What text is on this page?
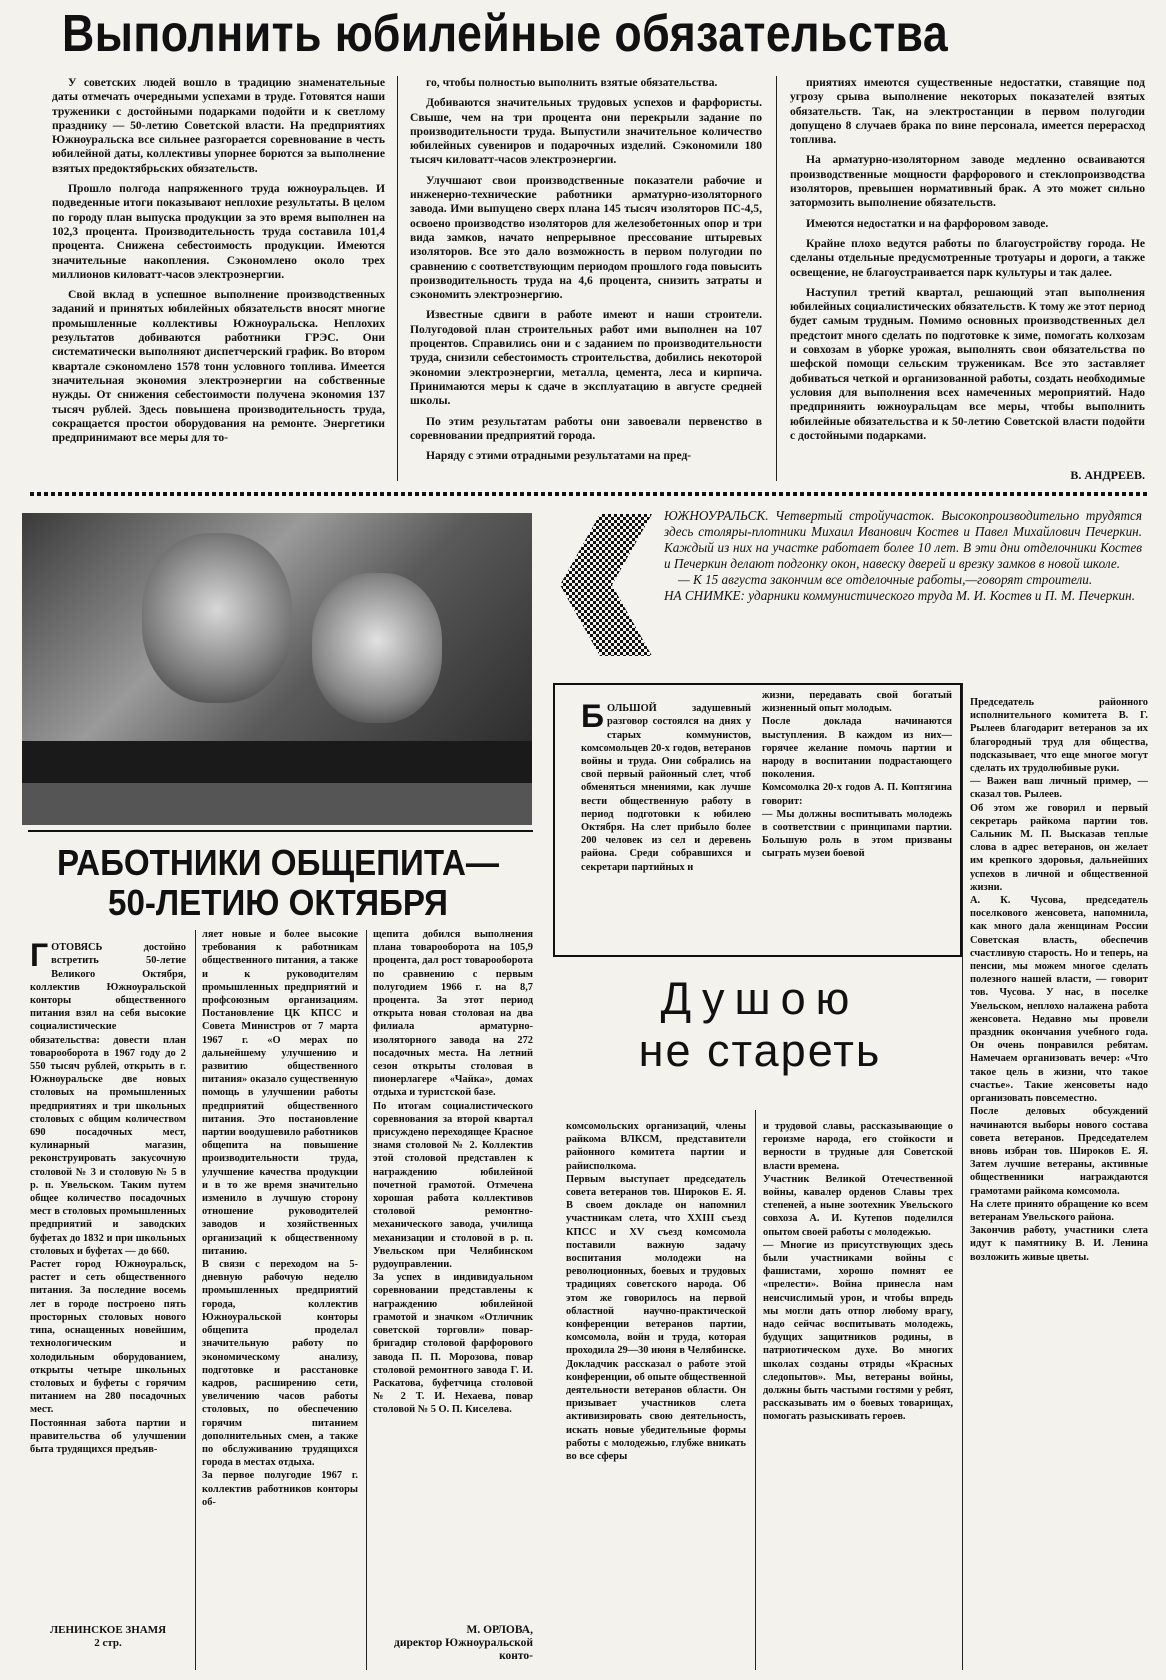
Выполнить юбилейные обязательства

У советских людей вошло в традицию знаменательные даты отмечать очередными успехами в труде. Готовятся наши труженики с достойными подарками подойти и к светлому празднику — 50-летию Советской власти. На предприятиях Южноуральска все сильнее разгорается соревнование в честь юбилейной даты, коллективы упорнее борются за выполнение взятых предоктябрьских обязательств.

Прошло полгода напряженного труда южноуральцев. И подведенные итоги показывают неплохие результаты. В целом по городу план выпуска продукции за это время выполнен на 102,3 процента. Производительность труда составила 101,4 процента. Снижена себестоимость продукции. Имеются значительные накопления. Сэкономлено около трех миллионов киловатт-часов электроэнергии.

Свой вклад в успешное выполнение производственных заданий и принятых юбилейных обязательств вносят многие промышленные коллективы Южноуральска. Неплохих результатов добиваются работники ГРЭС. Они систематически выполняют диспетчерский график. Во втором квартале сэкономлено 1578 тонн условного топлива. Имеется значительная экономия электроэнергии на собственные нужды. От снижения себестоимости получена экономия 137 тысяч рублей. Здесь повышена производительность труда, сокращается простои оборудования на ремонте. Энергетики предпринимают все меры для то-

го, чтобы полностью выполнить взятые обязательства.

Добиваются значительных трудовых успехов и фарфористы. Свыше, чем на три процента они перекрыли задание по производительности труда. Выпустили значительное количество юбилейных сувениров и подарочных изделий. Сэкономили 180 тысяч киловатт-часов электроэнергии.

Улучшают свои производственные показатели рабочие и инженерно-технические работники арматурно-изоляторного завода. Ими выпущено сверх плана 145 тысяч изоляторов ПС-4,5, освоено производство изоляторов для железобетонных опор и три вида замков, начато непрерывное прессование штыревых изоляторов. Все это дало возможность в первом полугодии по сравнению с соответствующим периодом прошлого года повысить производительность труда на 4,6 процента, снизить затраты и сэкономить электроэнергию.

Известные сдвиги в работе имеют и наши строители. Полугодовой план строительных работ ими выполнен на 107 процентов. Справились они и с заданием по производительности труда, снизили себестоимость строительства, добились некоторой экономии электроэнергии, металла, цемента, леса и кирпича. Принимаются меры к сдаче в эксплуатацию в августе средней школы.

По этим результатам работы они завоевали первенство в соревновании предприятий города.

Наряду с этими отрадными результатами на пред-

приятиях имеются существенные недостатки, ставящие под угрозу срыва выполнение некоторых показателей взятых обязательств. Так, на электростанции в первом полугодии допущено 8 случаев брака по вине персонала, имеется перерасход топлива.

На арматурно-изоляторном заводе медленно осваиваются производственные мощности фарфорового и стеклопроизводства изоляторов, превышен нормативный брак. А это может сильно затормозить выполнение обязательств.

Имеются недостатки и на фарфоровом заводе.

Крайне плохо ведутся работы по благоустройству города. Не сделаны отдельные предусмотренные тротуары и дороги, а также освещение, не благоустраивается парк культуры и так далее.

Наступил третий квартал, решающий этап выполнения юбилейных социалистических обязательств. К тому же этот период будет самым трудным. Помимо основных производственных дел предстоит много сделать по подготовке к зиме, помогать колхозам и совхозам в уборке урожая, выполнять свои обязательства по шефской помощи сельским труженикам. Все это заставляет добиваться четкой и организованной работы, создать необходимые условия для выполнения всех намеченных мероприятий. Надо предприняить южноуральцам все меры, чтобы выполнить юбилейные обязательства и к 50-летию Советской власти подойти с достойными подарками.

В. АНДРЕЕВ.

ЮЖНОУРАЛЬСК. Четвертый стройучасток. Высокопроизводительно трудятся здесь столяры-плотники Михаил Иванович Костев и Павел Михайлович Печеркин. Каждый из них на участке работает более 10 лет. В эти дни отделочники Костев и Печеркин делают подгонку окон, навеску дверей и врезку замков в новой школе.

— К 15 августа закончим все отделочные работы,—говорят строители.

НА СНИМКЕ: ударники коммунистического труда М. И. Костев и П. М. Печеркин.

РАБОТНИКИ ОБЩЕПИТА—
50-ЛЕТИЮ ОКТЯБРЯ

ГОТОВЯСЬ достойно встретить 50-летие Великого Октября, коллектив Южноуральской конторы общественного питания взял на себя высокие социалистические обязательства: довести план товарооборота в 1967 году до 2 550 тысяч рублей, открыть в г. Южноуральске две новых столовых на промышленных предприятиях и три школьных столовых с общим количеством 690 посадочных мест, кулинарный магазин, реконструировать закусочную столовой № 3 и столовую № 5 в р. п. Увельском. Таким путем общее количество посадочных мест в столовых промышленных предприятий и заводских буфетах до 1832 и при школьных столовых и буфетах — до 660.
Растет город Южноуральск, растет и сеть общественного питания. За последние восемь лет в городе построено пять просторных столовых нового типа, оснащенных новейшим, технологическим и холодильным оборудованием, открыты четыре школьных столовых и буфеты с горячим питанием на 280 посадочных мест.
Постоянная забота партии и правительства об улучшении быта трудящихся предъяв-

ляет новые и более высокие требования к работникам общественного питания, а также и к руководителям промышленных предприятий и профсоюзным организациям. Постановление ЦК КПСС и Совета Министров от 7 марта 1967 г. «О мерах по дальнейшему улучшению и развитию общественного питания» оказало существенную помощь в улучшении работы предприятий общественного питания. Это постановление партии воодушевило работников общепита на повышение производительности труда, улучшение качества продукции и в то же время значительно изменило в лучшую сторону отношение руководителей заводов и хозяйственных организаций к общественному питанию.
В связи с переходом на 5-дневную рабочую неделю промышленных предприятий города, коллектив Южноуральской конторы общепита проделал значительную работу по экономическому анализу, подготовке и расстановке кадров, расширению сети, увеличению часов работы столовых, по обеспечению горячим питанием дополнительных смен, а также по обслуживанию трудящихся города в местах отдыха.
За первое полугодие 1967 г. коллектив работников конторы об-
щепита добился выполнения плана товарооборота на 105,9 процента, дал рост товарооборота по сравнению с первым полугодием 1966 г. на 8,7 процента. За этот период открыта новая столовая на два филиала арматурно-изоляторного завода на 272 посадочных места. На летний сезон открыты столовая в пионерлагере «Чайка», домах отдыха и туристской базе.
По итогам социалистического соревнования за второй квартал присуждено переходящее Красное знамя столовой № 2. Коллектив этой столовой представлен к награждению юбилейной почетной грамотой. Отмечена хорошая работа коллективов столовой ремонтно-механического завода, училища механизации и столовой в р. п. Увельском при Челябинском рудоуправлении.
За успех в индивидуальном соревновании представлены к награждению юбилейной грамотой и значком «Отличник советской торговли» повар-бригадир столовой фарфорового завода П. П. Морозова, повар столовой ремонтного завода Г. И. Раскатова, буфетчица столовой № 2 Т. И. Нехаева, повар столовой № 5 О. П. Киселева.
М. ОРЛОВА,
директор Южноуральской конто-
ЛЕНИНСКОЕ ЗНАМЯ
2 стр.

БОЛЬШОЙ задушевный разговор состоялся на днях у старых коммунистов, комсомольцев 20-х годов, ветеранов войны и труда. Они собрались на свой первый районный слет, чтоб обменяться мнениями, как лучше вести общественную работу в период подготовки к юбилею Октября. На слет прибыло более 200 человек из сел и деревень района. Среди собравшихся и секретари партийных и

жизни, передавать свой богатый жизненный опыт молодым.
После доклада начинаются выступления. В каждом из них—горячее желание помочь партии и народу в воспитании подрастающего поколения.
Комсомолка 20-х годов А. П. Коптягина говорит:
— Мы должны воспитывать молодежь в соответствии с принципами партии. Большую роль в этом призваны сыграть музеи боевой
Душою
не стареть
комсомольских организаций, члены райкома ВЛКСМ, представители районного комитета партии и райисполкома.
Первым выступает председатель совета ветеранов тов. Широков Е. Я. В своем докладе он напомнил участникам слета, что XXIII съезд КПСС и XV съезд комсомола поставили важную задачу воспитания молодежи на революционных, боевых и трудовых традициях советского народа. Об этом же говорилось на первой областной научно-практической конференции ветеранов партии, комсомола, войн и труда, которая проходила 29—30 июня в Челябинске. Докладчик рассказал о работе этой конференции, об опыте общественной деятельности ветеранов области. Он призывает участников слета активизировать свою деятельность, искать новые убедительные формы работы с молодежью, глубже вникать во все сферы
и трудовой славы, рассказывающие о героизме народа, его стойкости и верности в трудные для Советской власти времена.
Участник Великой Отечественной войны, кавалер орденов Славы трех степеней, а ныне зоотехник Увельского совхоза А. И. Кутепов поделился опытом своей работы с молодежью.
— Многие из присутствующих здесь были участниками войны с фашистами, хорошо помнят ее «прелести». Война принесла нам неисчислимый урон, и чтобы впредь мы могли дать отпор любому врагу, надо сейчас воспитывать молодежь, будущих защитников родины, в патриотическом духе. Во многих школах созданы отряды «Красных следопытов». Мы, ветераны войны, должны быть частыми гостями у ребят, рассказывать им о боевых товарищах, помогать разыскивать героев.
Председатель районного исполнительного комитета В. Г. Рылеев благодарит ветеранов за их благородный труд для общества, подсказывает, что еще многое могут сделать их трудолюбивые руки.
— Важен ваш личный пример, — сказал тов. Рылеев.
Об этом же говорил и первый секретарь райкома партии тов. Сальник М. П. Высказав теплые слова в адрес ветеранов, он желает им крепкого здоровья, дальнейших успехов в личной и общественной жизни.
А. К. Чусова, председатель поселкового женсовета, напомнила, как много дала женщинам России Советская власть, обеспечив счастливую старость. Но и теперь, на пенсии, мы можем многое сделать полезного нашей власти, — говорит тов. Чусова. У нас, в поселке Увельском, неплохо налажена работа женсовета. Недавно мы провели праздник окончания учебного года. Он очень понравился ребятам. Намечаем организовать вечер: «Что такое цель в жизни, что такое счастье». Такие женсоветы надо организовать повсеместно.
После деловых обсуждений начинаются выборы нового состава совета ветеранов. Председателем вновь избран тов. Широков Е. Я. Затем лучшие ветераны, активные общественники награждаются грамотами райкома комсомола.
На слете принято обращение ко всем ветеранам Увельского района.
Закончив работу, участники слета идут к памятнику В. И. Ленина возложить живые цветы.
